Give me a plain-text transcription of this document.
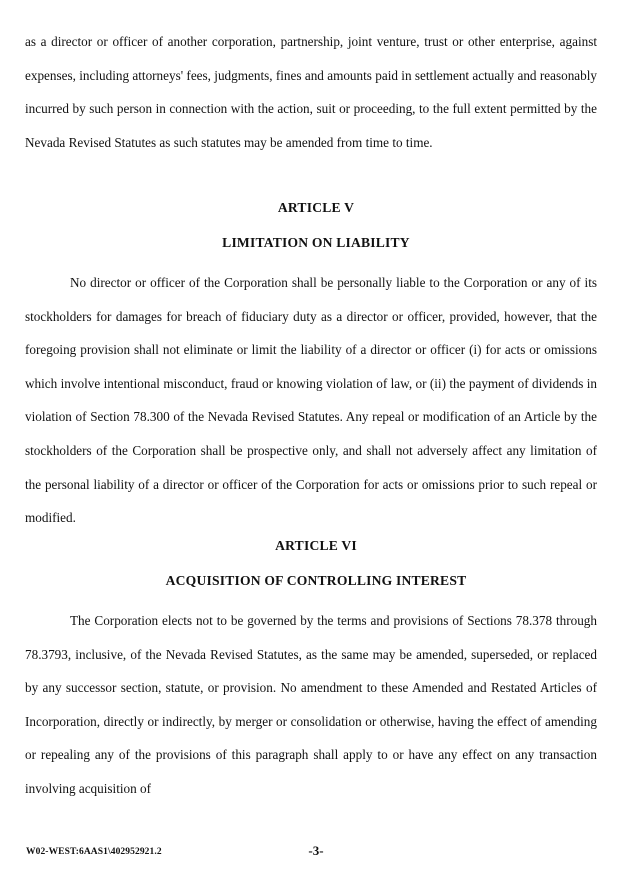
as a director or officer of another corporation, partnership, joint venture, trust or other enterprise, against expenses, including attorneys' fees, judgments, fines and amounts paid in settlement actually and reasonably incurred by such person in connection with the action, suit or proceeding, to the full extent permitted by the Nevada Revised Statutes as such statutes may be amended from time to time.

ARTICLE V
LIMITATION ON LIABILITY

No director or officer of the Corporation shall be personally liable to the Corporation or any of its stockholders for damages for breach of fiduciary duty as a director or officer, provided, however, that the foregoing provision shall not eliminate or limit the liability of a director or officer (i) for acts or omissions which involve intentional misconduct, fraud or knowing violation of law, or (ii) the payment of dividends in violation of Section 78.300 of the Nevada Revised Statutes. Any repeal or modification of an Article by the stockholders of the Corporation shall be prospective only, and shall not adversely affect any limitation of the personal liability of a director or officer of the Corporation for acts or omissions prior to such repeal or modified.

ARTICLE VI
ACQUISITION OF CONTROLLING INTEREST

The Corporation elects not to be governed by the terms and provisions of Sections 78.378 through 78.3793, inclusive, of the Nevada Revised Statutes, as the same may be amended, superseded, or replaced by any successor section, statute, or provision. No amendment to these Amended and Restated Articles of Incorporation, directly or indirectly, by merger or consolidation or otherwise, having the effect of amending or repealing any of the provisions of this paragraph shall apply to or have any effect on any transaction involving acquisition of

W02-WEST:6AAS1\402952921.2	-3-
